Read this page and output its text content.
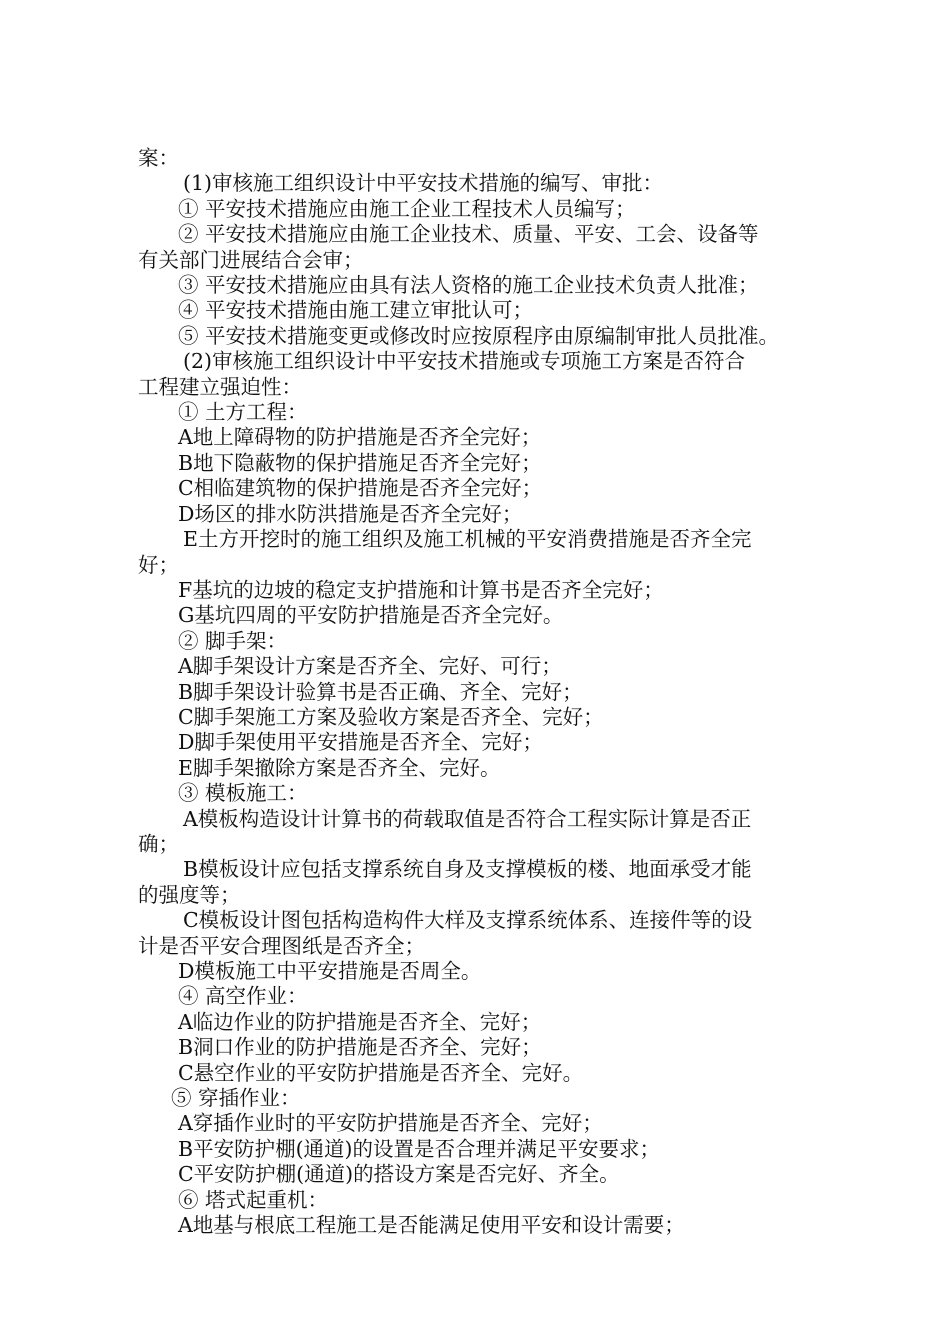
案：
(1)审核施工组织设计中平安技术措施的编写、审批：
① 平安技术措施应由施工企业工程技术人员编写；
② 平安技术措施应由施工企业技术、质量、平安、工会、设备等
有关部门进展结合会审；
③ 平安技术措施应由具有法人资格的施工企业技术负责人批准；
④ 平安技术措施由施工建立审批认可；
⑤ 平安技术措施变更或修改时应按原程序由原编制审批人员批准。
(2)审核施工组织设计中平安技术措施或专项施工方案是否符合
工程建立强迫性：
① 土方工程：
A地上障碍物的防护措施是否齐全完好；
B地下隐蔽物的保护措施足否齐全完好；
C相临建筑物的保护措施是否齐全完好；
D场区的排水防洪措施是否齐全完好；
E土方开挖时的施工组织及施工机械的平安消费措施是否齐全完
好；
F基坑的边坡的稳定支护措施和计算书是否齐全完好；
G基坑四周的平安防护措施是否齐全完好。
② 脚手架：
A脚手架设计方案是否齐全、完好、可行；
B脚手架设计验算书是否正确、齐全、完好；
C脚手架施工方案及验收方案是否齐全、完好；
D脚手架使用平安措施是否齐全、完好；
E脚手架撤除方案是否齐全、完好。
③ 模板施工：
A模板构造设计计算书的荷载取值是否符合工程实际计算是否正
确；
B模板设计应包括支撑系统自身及支撑模板的楼、地面承受才能
的强度等；
C模板设计图包括构造构件大样及支撑系统体系、连接件等的设
计是否平安合理图纸是否齐全；
D模板施工中平安措施是否周全。
④ 高空作业：
A临边作业的防护措施是否齐全、完好；
B洞口作业的防护措施是否齐全、完好；
C悬空作业的平安防护措施是否齐全、完好。
⑤ 穿插作业：
A穿插作业时的平安防护措施是否齐全、完好；
B平安防护棚(通道)的设置是否合理并满足平安要求；
C平安防护棚(通道)的搭设方案是否完好、齐全。
⑥ 塔式起重机：
A地基与根底工程施工是否能满足使用平安和设计需要；
